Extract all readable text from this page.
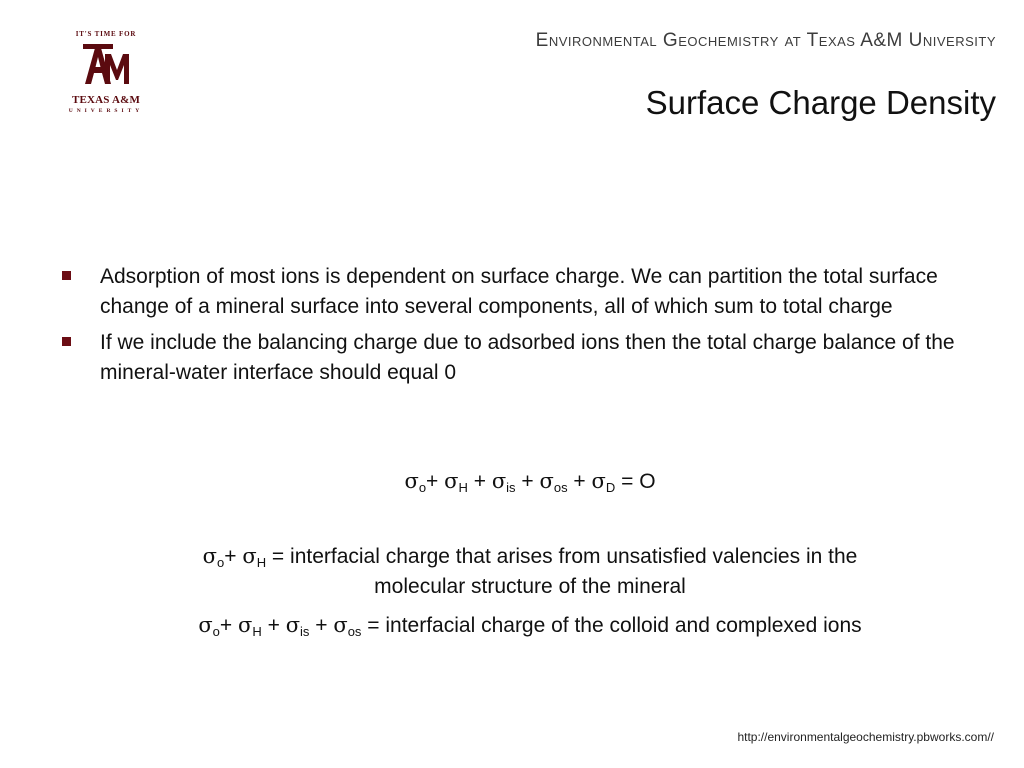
IT'S TIME FOR
TEXAS A&M
UNIVERSITY
Environmental Geochemistry at Texas A&M University
Surface Charge Density
Adsorption of most ions is dependent on surface charge. We can partition the total surface change of a mineral surface into several components, all of which sum to total charge
If we include the balancing charge due to adsorbed ions then the total charge balance of the mineral-water interface should equal 0
$\sigma_o+ \sigma_H + \sigma_{is} + \sigma_{os} + \sigma_D = O$
$\sigma_o+ \sigma_H$ = interfacial charge that arises from unsatisfied valencies in the
molecular structure of the mineral
$\sigma_o+ \sigma_H + \sigma_{is} + \sigma_{os}$ = interfacial charge of the colloid and complexed ions
http://environmentalgeochemistry.pbworks.com//
